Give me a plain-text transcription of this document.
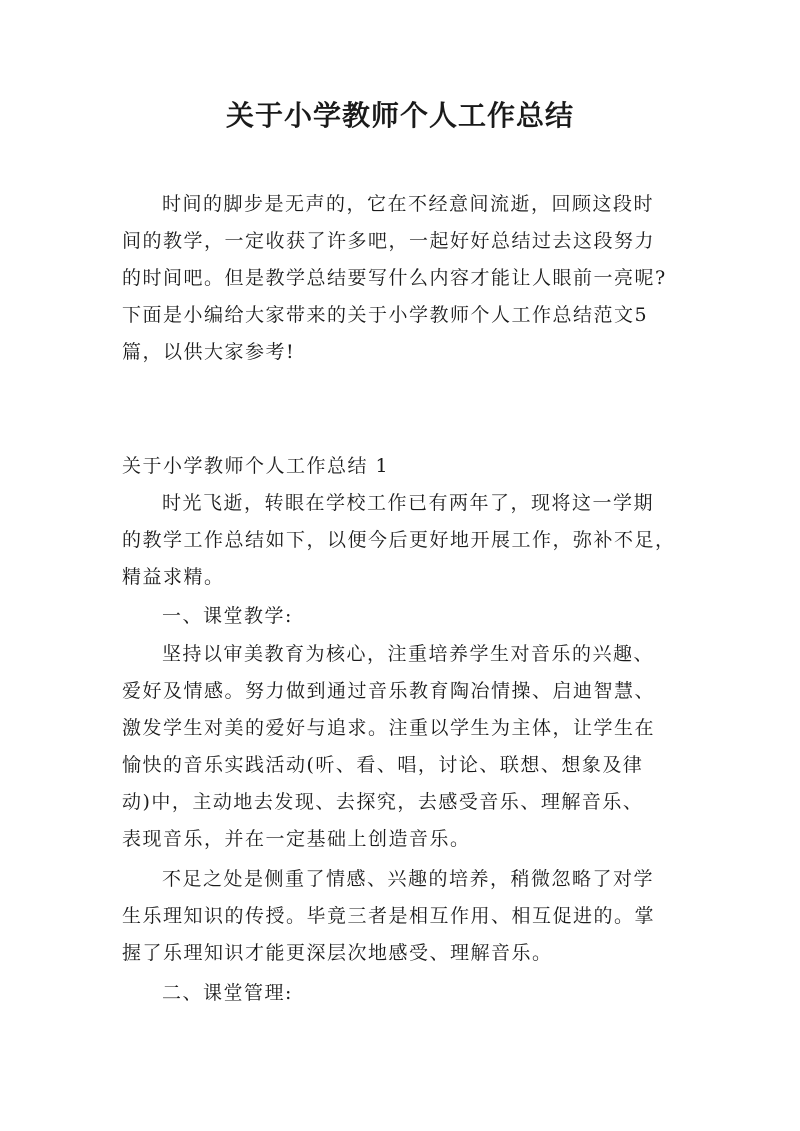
关于小学教师个人工作总结
时间的脚步是无声的，它在不经意间流逝，回顾这段时
间的教学，一定收获了许多吧，一起好好总结过去这段努力
的时间吧。但是教学总结要写什么内容才能让人眼前一亮呢?
下面是小编给大家带来的关于小学教师个人工作总结范文5
篇，以供大家参考!
关于小学教师个人工作总结 1
时光飞逝，转眼在学校工作已有两年了，现将这一学期
的教学工作总结如下，以便今后更好地开展工作，弥补不足，
精益求精。
一、课堂教学:
坚持以审美教育为核心，注重培养学生对音乐的兴趣、
爱好及情感。努力做到通过音乐教育陶冶情操、启迪智慧、
激发学生对美的爱好与追求。注重以学生为主体，让学生在
愉快的音乐实践活动(听、看、唱，讨论、联想、想象及律
动)中，主动地去发现、去探究，去感受音乐、理解音乐、
表现音乐，并在一定基础上创造音乐。
不足之处是侧重了情感、兴趣的培养，稍微忽略了对学
生乐理知识的传授。毕竟三者是相互作用、相互促进的。掌
握了乐理知识才能更深层次地感受、理解音乐。
二、课堂管理:
